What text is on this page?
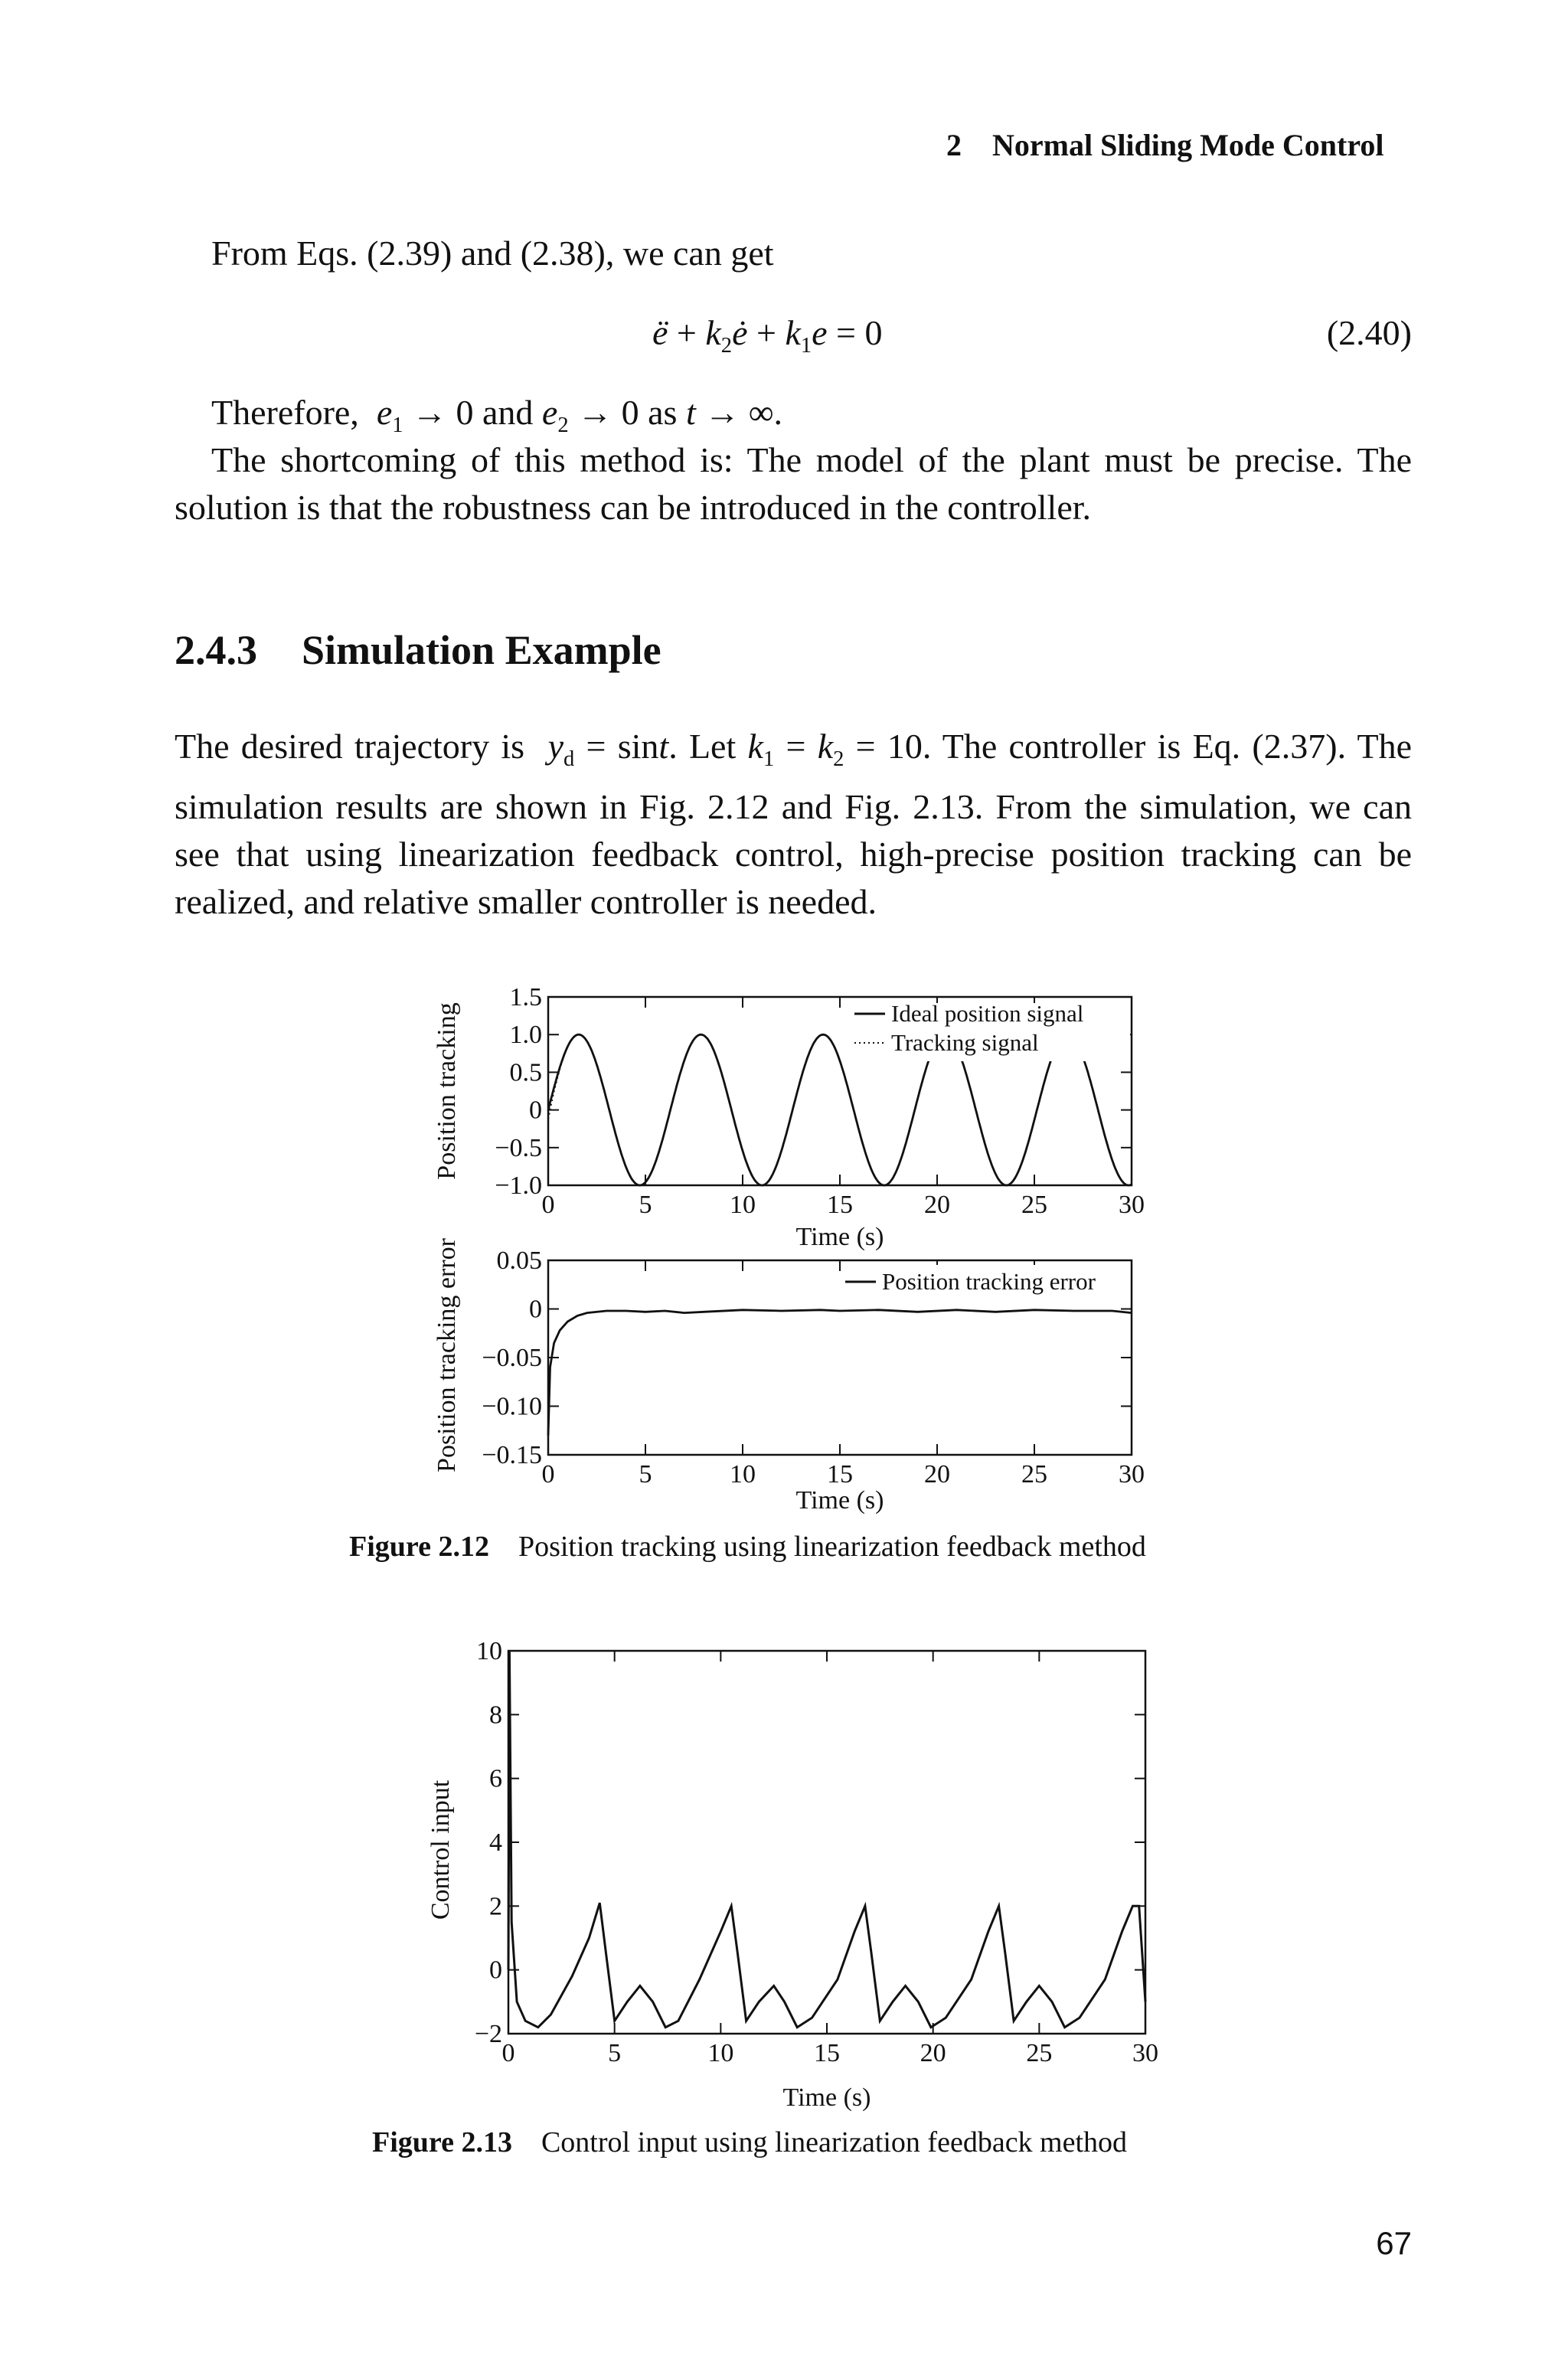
2 Normal Sliding Mode Control
From Eqs. (2.39) and (2.38), we can get
ë + $k_2ė + k_1e = 0$	(2.40)
Therefore,  $e_1 \to 0$ and $e_2 \to 0$ as t → ∞.
The shortcoming of this method is: The model of the plant must be precise. The solution is that the robustness can be introduced in the controller.
2.4.3 Simulation Example
The desired trajectory is  $y_d = \sin t$. Let $k_1 = k_2 = 10$. The controller is Eq. (2.37). The simulation results are shown in Fig. 2.12 and Fig. 2.13. From the simulation, we can see that using linearization feedback control, high-precise position tracking can be realized, and relative smaller controller is needed.
1.5
1.0
0.5
0
−0.5
−1.0
0	5	10	15	20	25	30
Time (s)
Position tracking	Ideal position signal
Tracking signal
0.05
0
−0.05
−0.10
−0.15
0	5	10	15	20	25	30
Time (s)
Position tracking error	Position tracking error
Figure 2.12 Position tracking using linearization feedback method
10
8
6
4
2
0
−2
0	5	10	15	20	25	30
Time (s)
Control input
Figure 2.13 Control input using linearization feedback method
67
